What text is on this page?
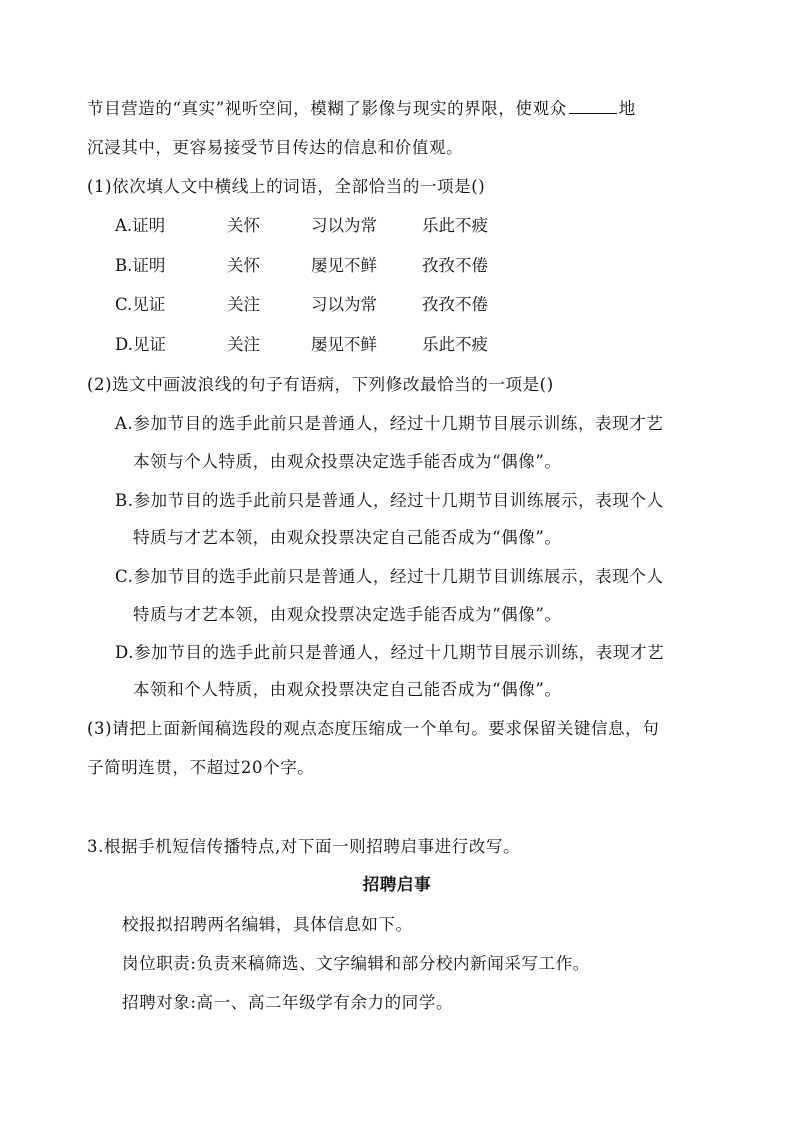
节目营造的“真实”视听空间，模糊了影像与现实的界限，使观众	地
沉浸其中，更容易接受节目传达的信息和价值观。
(1)依次填人文中横线上的词语，全部恰当的一项是()
A.证明	关怀	习以为常	乐此不疲
B.证明	关怀	屡见不鲜	孜孜不倦
C.见证	关注	习以为常	孜孜不倦
D.见证	关注	屡见不鲜	乐此不疲
(2)选文中画波浪线的句子有语病，下列修改最恰当的一项是()
A.参加节目的选手此前只是普通人，经过十几期节目展示训练，表现才艺
本领与个人特质，由观众投票决定选手能否成为“偶像”。
B.参加节目的选手此前只是普通人，经过十几期节目训练展示，表现个人
特质与才艺本领，由观众投票决定自己能否成为“偶像”。
C.参加节目的选手此前只是普通人，经过十几期节目训练展示，表现个人
特质与才艺本领，由观众投票决定选手能否成为“偶像”。
D.参加节目的选手此前只是普通人，经过十几期节目展示训练，表现才艺
本领和个人特质，由观众投票决定自己能否成为“偶像”。
(3)请把上面新闻稿选段的观点态度压缩成一个单句。要求保留关键信息，句
子简明连贯，不超过20个字。
3.根据手机短信传播特点,对下面一则招聘启事进行改写。
招聘启事
校报拟招聘两名编辑，具体信息如下。
岗位职责:负责来稿筛选、文字编辑和部分校内新闻采写工作。
招聘对象:高一、高二年级学有余力的同学。
